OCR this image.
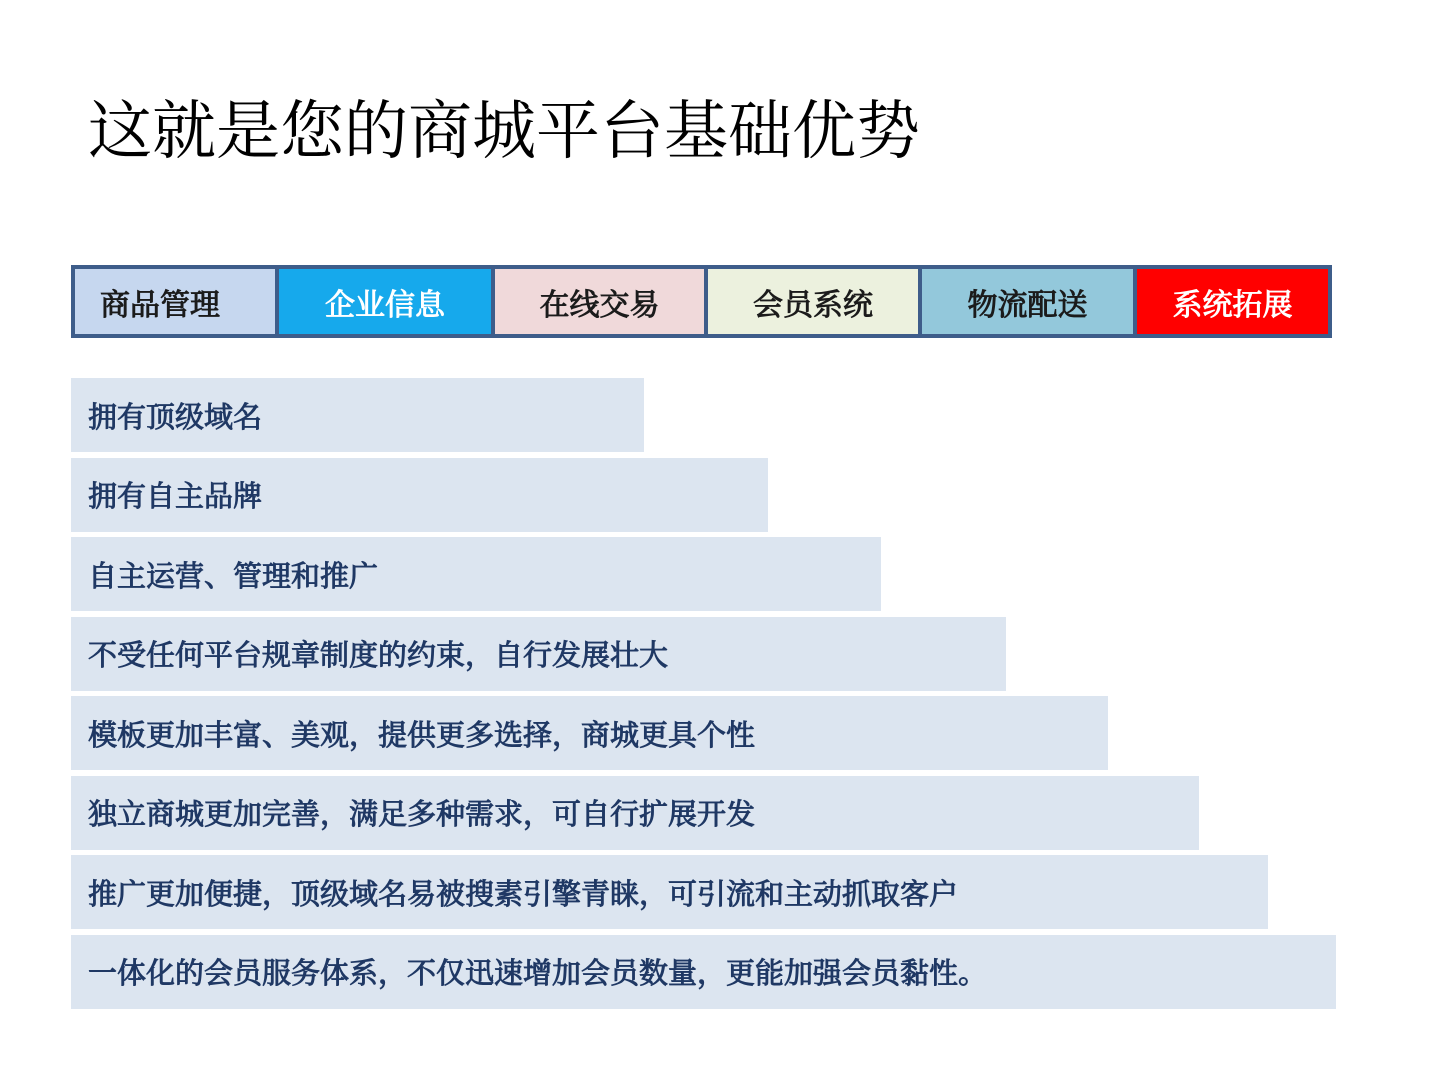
这就是您的商城平台基础优势
商品管理	企业信息	在线交易	会员系统	物流配送	系统拓展
拥有顶级域名
拥有自主品牌
自主运营、管理和推广
不受任何平台规章制度的约束，自行发展壮大
模板更加丰富、美观，提供更多选择，商城更具个性
独立商城更加完善，满足多种需求，可自行扩展开发
推广更加便捷，顶级域名易被搜素引擎青睐，可引流和主动抓取客户
一体化的会员服务体系，不仅迅速增加会员数量，更能加强会员黏性。
